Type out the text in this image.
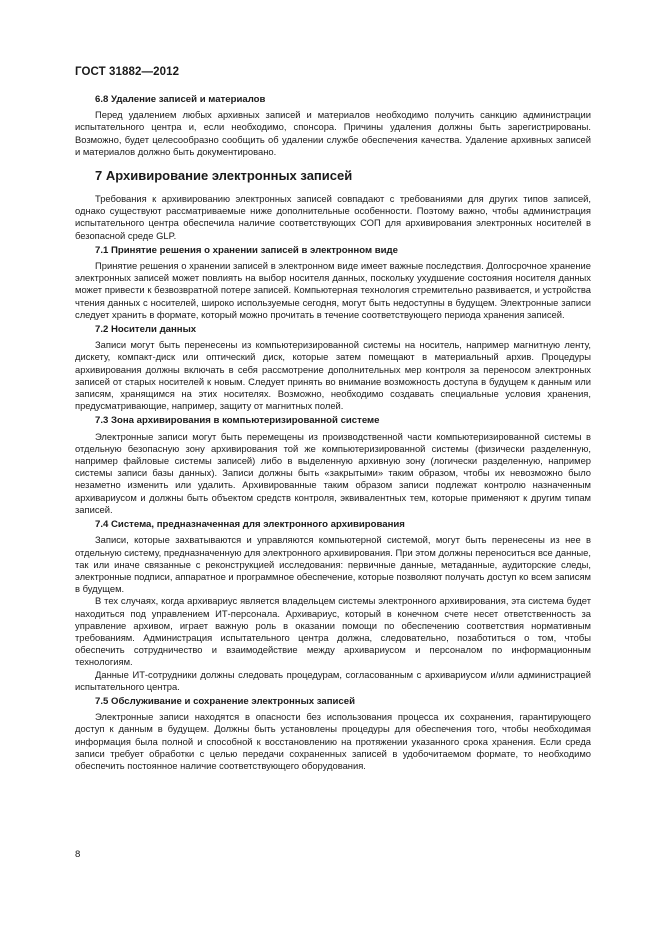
ГОСТ 31882—2012
6.8 Удаление записей и материалов

Перед удалением любых архивных записей и материалов необходимо получить санкцию администрации испытательного центра и, если необходимо, спонсора. Причины удаления должны быть зарегистрированы. Возможно, будет целесообразно сообщить об удалении службе обеспечения качества. Удаление архивных записей и материалов должно быть документировано.

7 Архивирование электронных записей

Требования к архивированию электронных записей совпадают с требованиями для других типов записей, однако существуют рассматриваемые ниже дополнительные особенности. Поэтому важно, чтобы администрация испытательного центра обеспечила наличие соответствующих СОП для архивирования электронных носителей в безопасной среде GLP.

7.1 Принятие решения о хранении записей в электронном виде

Принятие решения о хранении записей в электронном виде имеет важные последствия. Долгосрочное хранение электронных записей может повлиять на выбор носителя данных, поскольку ухудшение состояния носителя данных может привести к безвозвратной потере записей. Компьютерная технология стремительно развивается, и устройства чтения данных с носителей, широко используемые сегодня, могут быть недоступны в будущем. Электронные записи следует хранить в формате, который можно прочитать в течение соответствующего периода хранения записей.

7.2 Носители данных

Записи могут быть перенесены из компьютеризированной системы на носитель, например магнитную ленту, дискету, компакт-диск или оптический диск, которые затем помещают в материальный архив. Процедуры архивирования должны включать в себя рассмотрение дополнительных мер контроля за переносом электронных записей от старых носителей к новым. Следует принять во внимание возможность доступа в будущем к данным или записям, хранящимся на этих носителях. Возможно, необходимо создавать специальные условия хранения, предусматривающие, например, защиту от магнитных полей.

7.3 Зона архивирования в компьютеризированной системе

Электронные записи могут быть перемещены из производственной части компьютеризированной системы в отдельную безопасную зону архивирования той же компьютеризированной системы (физически разделенную, например файловые системы записей) либо в выделенную архивную зону (логически разделенную, например системы записи базы данных). Записи должны быть «закрытыми» таким образом, чтобы их невозможно было незаметно изменить или удалить. Архивированные таким образом записи подлежат контролю назначенным архивариусом и должны быть объектом средств контроля, эквивалентных тем, которые применяют к другим типам записей.

7.4 Система, предназначенная для электронного архивирования

Записи, которые захватываются и управляются компьютерной системой, могут быть перенесены из нее в отдельную систему, предназначенную для электронного архивирования. При этом должны переноситься все данные, так или иначе связанные с реконструкцией исследования: первичные данные, метаданные, аудиторские следы, электронные подписи, аппаратное и программное обеспечение, которые позволяют получать доступ ко всем записям в будущем.

В тех случаях, когда архивариус является владельцем системы электронного архивирования, эта система будет находиться под управлением ИТ-персонала. Архивариус, который в конечном счете несет ответственность за управление архивом, играет важную роль в оказании помощи по обеспечению соответствия нормативным требованиям. Администрация испытательного центра должна, следовательно, позаботиться о том, чтобы обеспечить сотрудничество и взаимодействие между архивариусом и персоналом по информационным технологиям.

Данные ИТ-сотрудники должны следовать процедурам, согласованным с архивариусом и/или администрацией испытательного центра.

7.5 Обслуживание и сохранение электронных записей

Электронные записи находятся в опасности без использования процесса их сохранения, гарантирующего доступ к данным в будущем. Должны быть установлены процедуры для обеспечения того, чтобы необходимая информация была полной и способной к восстановлению на протяжении указанного срока хранения. Если среда записи требует обработки с целью передачи сохраненных записей в удобочитаемом формате, то необходимо обеспечить постоянное наличие соответствующего оборудования.

8
